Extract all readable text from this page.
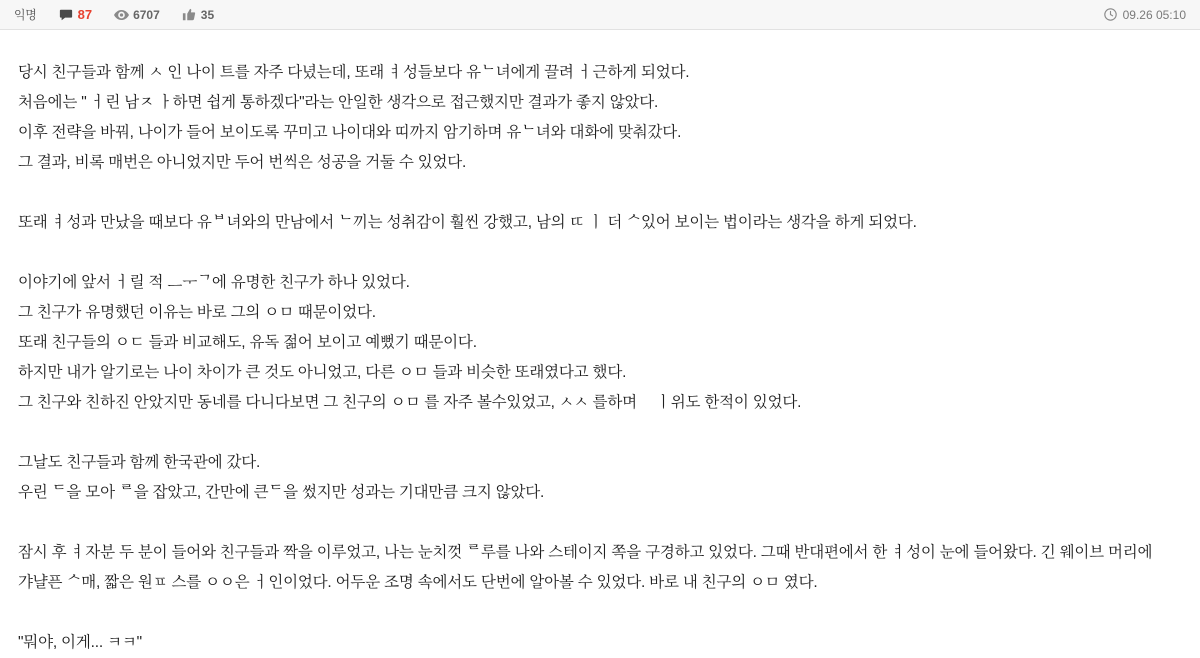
익명	87	6707	35	09.26 05:10

당시 친구들과 함께 ㅅ 인 나이 트를 자주 다녔는데, 또래 ㅕ성들보다 유ᄂ녀에게 끌려 ㅓ근하게 되었다.

처음에는 " ㅓ린 남ㅈ ㅏ하면 쉽게 통하겠다"라는 안일한 생각으로 접근했지만 결과가 좋지 않았다.

이후 전략을 바꿔, 나이가 들어 보이도록 꾸미고 나이대와 띠까지 암기하며 유ᄂ녀와 대화에 맞춰갔다.

그 결과, 비록 매번은 아니었지만 두어 번씩은 성공을 거둘 수 있었다.

또래 ㅕ성과 만났을 때보다 유ᄇ녀와의 만남에서 ᄂ끼는 성취감이 훨씬 강했고, 남의 ㄸ ㅣ 더 ᄉ있어 보이는 법이라는 생각을 하게 되었다.

이야기에 앞서 ㅓ릴 적 ᅟᅳᅮᄀ에 유명한 친구가 하나 있었다.

그 친구가 유명했던 이유는 바로 그의 ㅇㅁ 때문이었다.

또래 친구들의 ㅇㄷ 들과 비교해도, 유독 젊어 보이고 예뻤기 때문이다.

하지만 내가 알기로는 나이 차이가 큰 것도 아니었고, 다른 ㅇㅁ 들과 비슷한 또래였다고 했다.

그 친구와 친하진 안았지만 동네를 다니다보면 그 친구의 ㅇㅁ 를 자주 볼수있었고, ㅅㅅ 를하며 ᅟㅣ위도 한적이 있었다.

그날도 친구들과 함께 한국관에 갔다.

우린 ᄃ을 모아 ᄅ을 잡았고, 간만에 큰ᄃ을 썼지만 성과는 기대만큼 크지 않았다.

잠시 후 ㅕ자분 두 분이 들어와 친구들과 짝을 이루었고, 나는 눈치껏 ᄅ루를 나와 스테이지 쪽을 구경하고 있었다. 그때 반대편에서 한 ㅕ성이 눈에 들어왔다. 긴 웨이브 머리에 갸냘픈 ᄉ매, 짧은 원ㅍ 스를 ㅇㅇ은 ㅓ인이었다. 어두운 조명 속에서도 단번에 알아볼 수 있었다. 바로 내 친구의 ㅇㅁ 였다.

"뭐야, 이게... ㅋㅋ"
